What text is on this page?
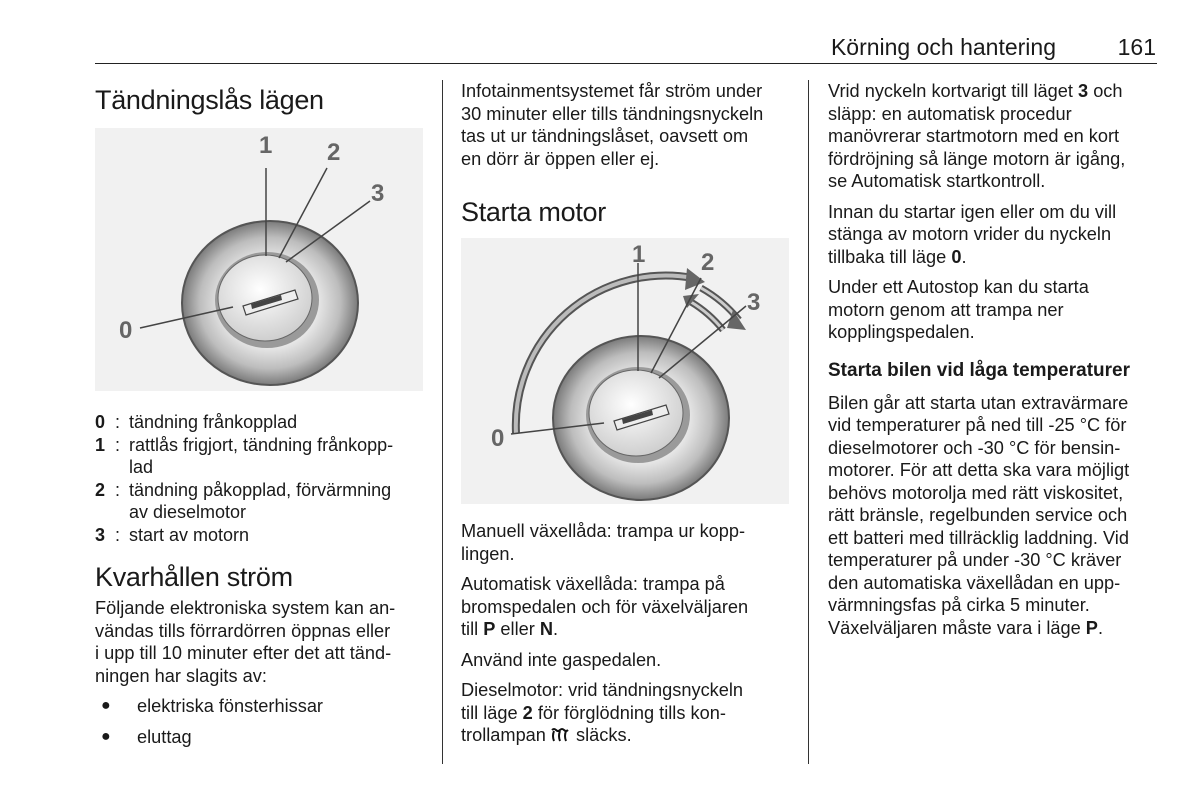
Körning och hantering	161
Tändningslås lägen
1 2
3
0
0 : tändning frånkopplad
1 : rattlås frigjort, tändning frånkopp-
lad
2 : tändning påkopplad, förvärmning
av dieselmotor
3 : start av motorn
Kvarhållen ström

Följande elektroniska system kan an-
vändas tills förrardörren öppnas eller
i upp till 10 minuter efter det att tänd-
ningen har slagits av:

●	elektriska fönsterhissar
●	eluttag

Infotainmentsystemet får ström under
30 minuter eller tills tändningsnyckeln
tas ut ur tändningslåset, oavsett om
en dörr är öppen eller ej.

Starta motor
1 2
3
0

Manuell växellåda: trampa ur kopp-
lingen.

Automatisk växellåda: trampa på
bromspedalen och för växelväljaren
till P eller N.

Använd inte gaspedalen.

Dieselmotor: vrid tändningsnyckeln
till läge 2 för förglödning tills kon-
trollampan  släcks.

Vrid nyckeln kortvarigt till läget 3 och
släpp: en automatisk procedur
manövrerar startmotorn med en kort
fördröjning så länge motorn är igång,
se Automatisk startkontroll.

Innan du startar igen eller om du vill
stänga av motorn vrider du nyckeln
tillbaka till läge 0.

Under ett Autostop kan du starta
motorn genom att trampa ner
kopplingspedalen.

Starta bilen vid låga temperaturer

Bilen går att starta utan extravärmare
vid temperaturer på ned till -25 °C för
dieselmotorer och -30 °C för bensin-
motorer. För att detta ska vara möjligt
behövs motorolja med rätt viskositet,
rätt bränsle, regelbunden service och
ett batteri med tillräcklig laddning. Vid
temperaturer på under -30 °C kräver
den automatiska växellådan en upp-
värmningsfas på cirka 5 minuter.
Växelväljaren måste vara i läge P.
